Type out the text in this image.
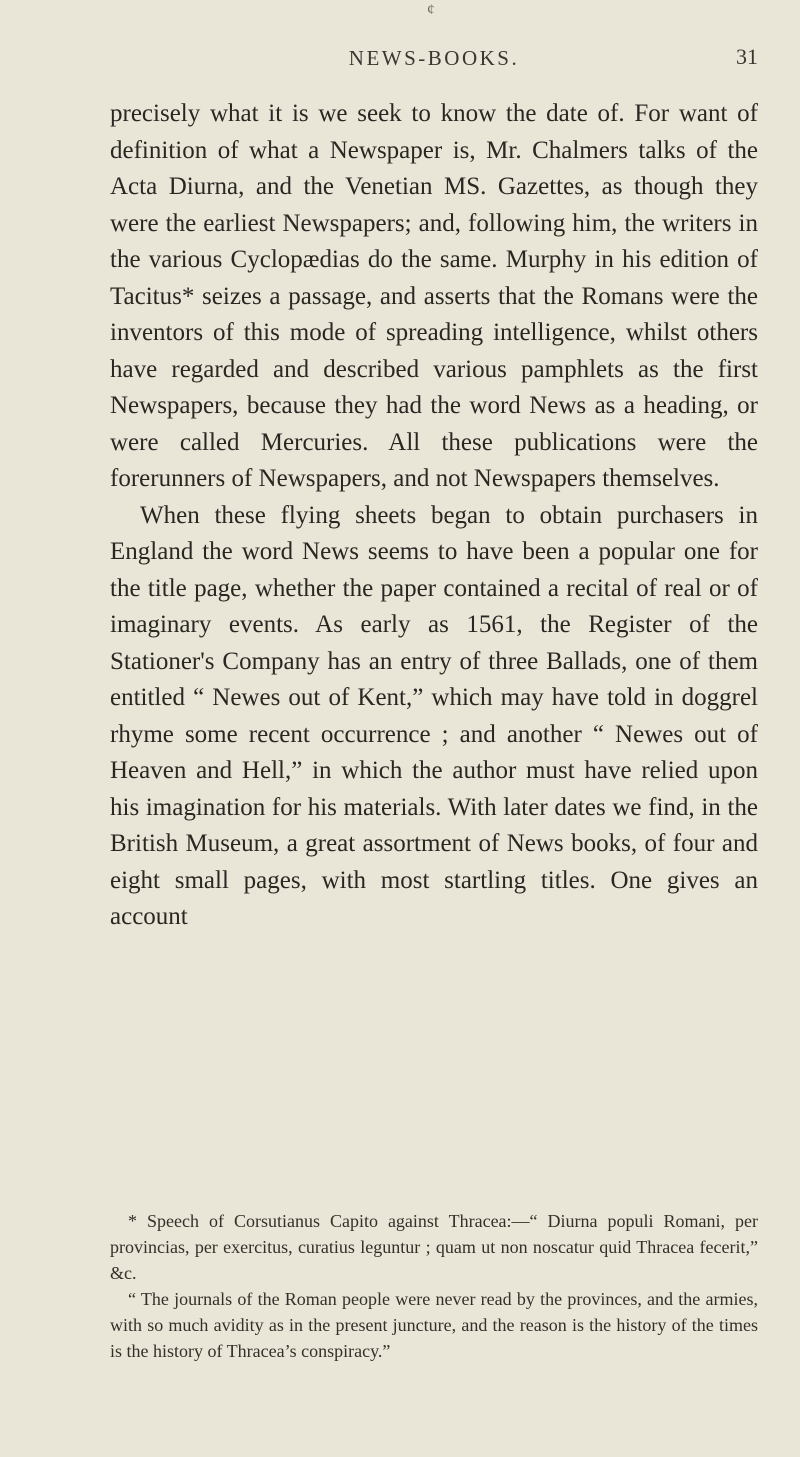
¢
NEWS-BOOKS.	31

precisely what it is we seek to know the date of. For want of definition of what a Newspaper is, Mr. Chalmers talks of the Acta Diurna, and the Venetian MS. Gazettes, as though they were the earliest Newspapers; and, following him, the writers in the various Cyclopædias do the same. Murphy in his edition of Tacitus* seizes a passage, and asserts that the Romans were the inventors of this mode of spreading intelligence, whilst others have regarded and described various pamphlets as the first Newspapers, because they had the word News as a heading, or were called Mercuries. All these publications were the forerunners of Newspapers, and not Newspapers themselves.

When these flying sheets began to obtain purchasers in England the word News seems to have been a popular one for the title page, whether the paper contained a recital of real or of imaginary events. As early as 1561, the Register of the Stationer's Company has an entry of three Ballads, one of them entitled “ Newes out of Kent,” which may have told in doggrel rhyme some recent occurrence ; and another “ Newes out of Heaven and Hell,” in which the author must have relied upon his imagination for his materials. With later dates we find, in the British Museum, a great assortment of News books, of four and eight small pages, with most startling titles. One gives an account

* Speech of Corsutianus Capito against Thracea:—“ Diurna populi Romani, per provincias, per exercitus, curatius leguntur ; quam ut non noscatur quid Thracea fecerit,” &c.

“ The journals of the Roman people were never read by the provinces, and the armies, with so much avidity as in the present juncture, and the reason is the history of the times is the history of Thracea’s conspiracy.”
